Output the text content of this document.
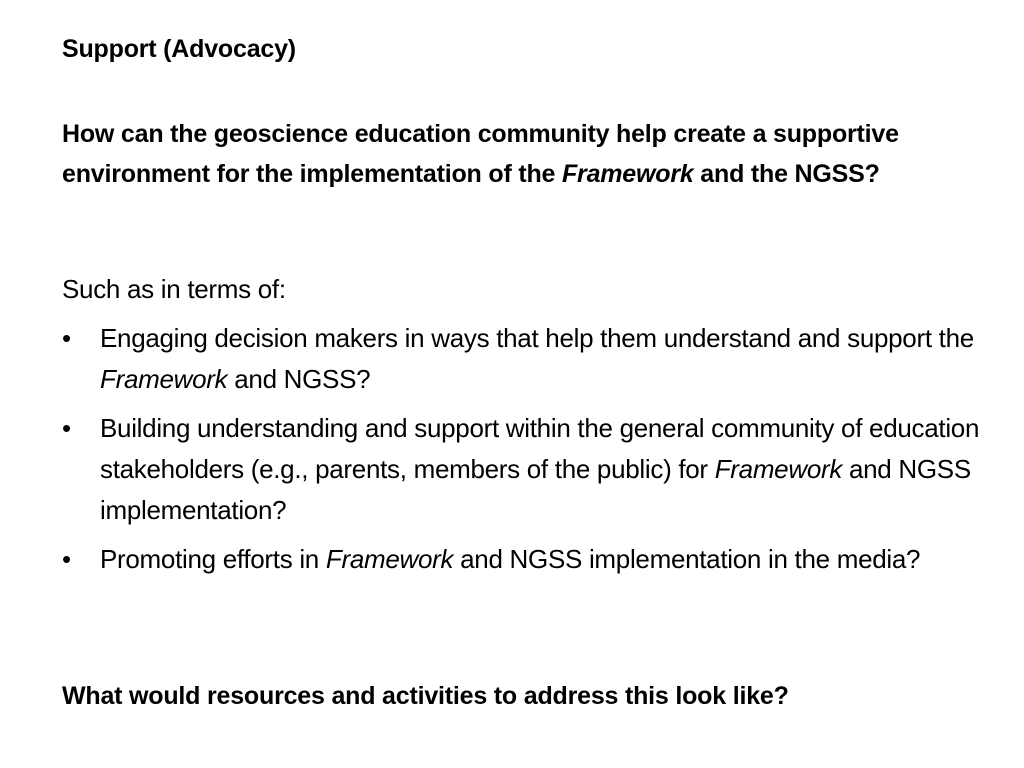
Support (Advocacy)

How can the geoscience education community help create a supportive environment for the implementation of the Framework and the NGSS?

Such as in terms of:

•	Engaging decision makers in ways that help them understand and support the Framework and NGSS?
•	Building understanding and support within the general community of education stakeholders (e.g., parents, members of the public) for Framework and NGSS implementation?
•	Promoting efforts in Framework and NGSS implementation in the media?

What would resources and activities to address this look like?
